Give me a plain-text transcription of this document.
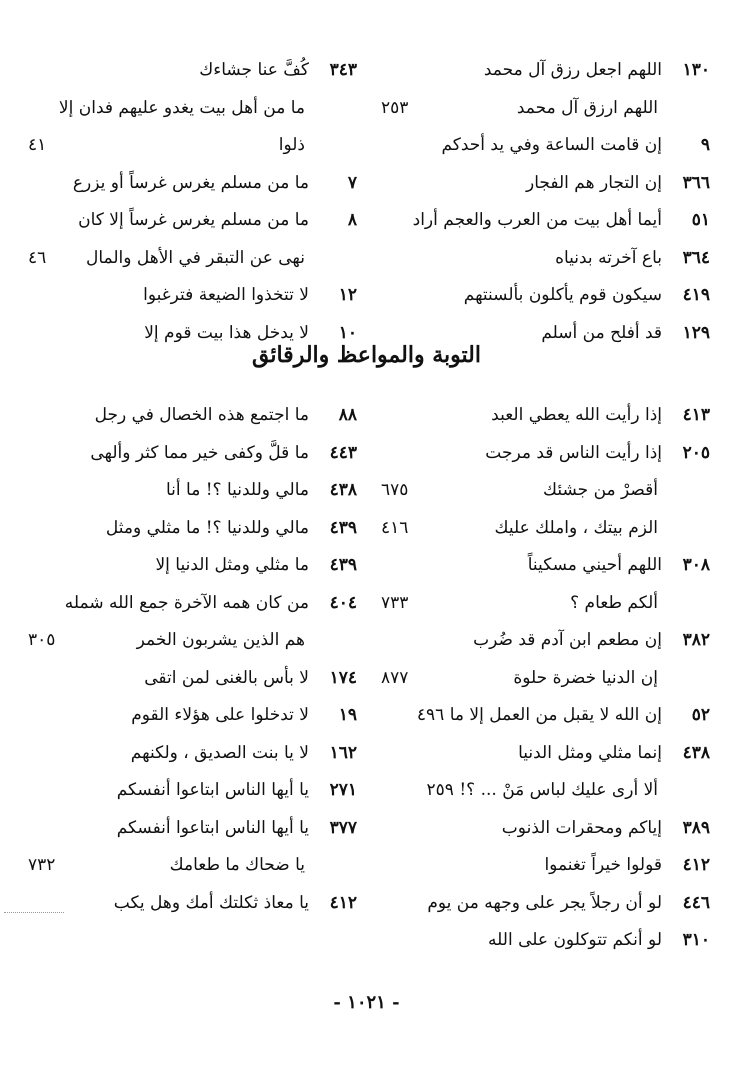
١٣٠
اللهم اجعل رزق آل محمد
اللهم ارزق آل محمد
٢٥٣
٩
إن قامت الساعة وفي يد أحدكم
٣٦٦
إن التجار هم الفجار
٥١
أيما أهل بيت من العرب والعجم أراد
٣٦٤
باع آخرته بدنياه
٤١٩
سيكون قوم يأكلون بألسنتهم
١٢٩
قد أفلح من أسلم
٣٤٣
كُفَّ عنا جشاءك
ما من أهل بيت يغدو عليهم فدان إلا
ذلوا
٤١
٧
ما من مسلم يغرس غرساً أو يزرع
٨
ما من مسلم يغرس غرساً إلا كان
نهى عن التبقر في الأهل والمال
٤٦
١٢
لا تتخذوا الضيعة فترغبوا
١٠
لا يدخل هذا بيت قوم إلا
التوبة والمواعظ والرقائق
٤١٣
إذا رأيت الله يعطي العبد
٢٠٥
إذا رأيت الناس قد مرجت
أقصرْ من جشئك
٦٧٥
الزم بيتك ، واملك عليك
٤١٦
٣٠٨
اللهم أحيني مسكيناً
ألكم طعام ؟
٧٣٣
٣٨٢
إن مطعم ابن آدم قد ضُرب
إن الدنيا خضرة حلوة
٨٧٧
٥٢
إن الله لا يقبل من العمل إلا ما ٤٩٦
٤٣٨
إنما مثلي ومثل الدنيا
ألا أرى عليك لباس مَنْ ... ؟! ٢٥٩
٣٨٩
إياكم ومحقرات الذنوب
٤١٢
قولوا خيراً تغنموا
٤٤٦
لو أن رجلاً يجر على وجهه من يوم
٣١٠
لو أنكم تتوكلون على الله
٨٨
ما اجتمع هذه الخصال في رجل
٤٤٣
ما قلَّ وكفى خير مما كثر وألهى
٤٣٨
مالي وللدنيا ؟! ما أنا
٤٣٩
مالي وللدنيا ؟! ما مثلي ومثل
٤٣٩
ما مثلي ومثل الدنيا إلا
٤٠٤
من كان همه الآخرة جمع الله شمله
هم الذين يشربون الخمر
٣٠٥
١٧٤
لا بأس بالغنى لمن اتقى
١٩
لا تدخلوا على هؤلاء القوم
١٦٢
لا يا بنت الصديق ، ولكنهم
٢٧١
يا أيها الناس ابتاعوا أنفسكم
٣٧٧
يا أيها الناس ابتاعوا أنفسكم
يا ضحاك ما طعامك
٧٣٢
٤١٢
يا معاذ ثكلتك أمك وهل يكب
- ١٠٢١ -
